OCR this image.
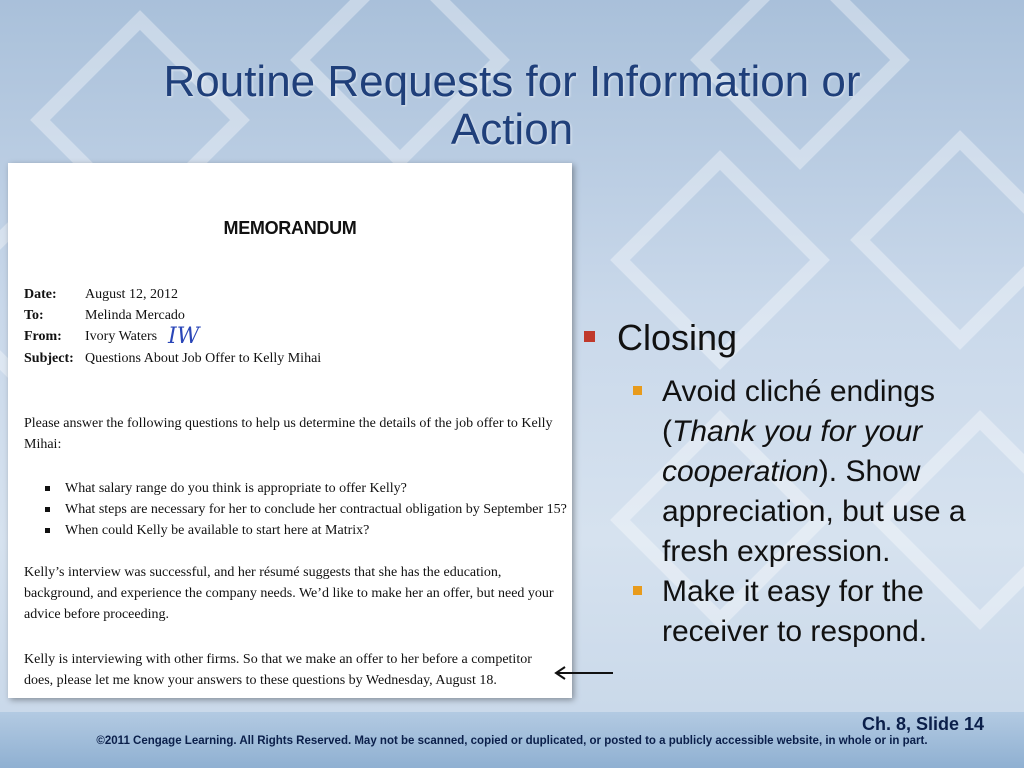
Routine Requests for Information or
Action
MEMORANDUM
Date: August 12, 2012
To:	Melinda Mercado
From: Ivory Waters IW
Subject: Questions About Job Offer to Kelly Mihai
Please answer the following questions to help us determine the details of the job offer to Kelly Mihai:
What salary range do you think is appropriate to offer Kelly?
What steps are necessary for her to conclude her contractual obligation by September 15?
When could Kelly be available to start here at Matrix?
Kelly’s interview was successful, and her résumé suggests that she has the education, background, and experience the company needs. We’d like to make her an offer, but need your advice before proceeding.
Kelly is interviewing with other firms. So that we make an offer to her before a competitor does, please let me know your answers to these questions by Wednesday, August 18.
Closing
Avoid cliché endings (Thank you for your cooperation). Show appreciation, but use a fresh expression.
Make it easy for the receiver to respond.
Ch. 8, Slide 14
©2011 Cengage Learning. All Rights Reserved. May not be scanned, copied or duplicated, or posted to a publicly accessible website, in whole or in part.
